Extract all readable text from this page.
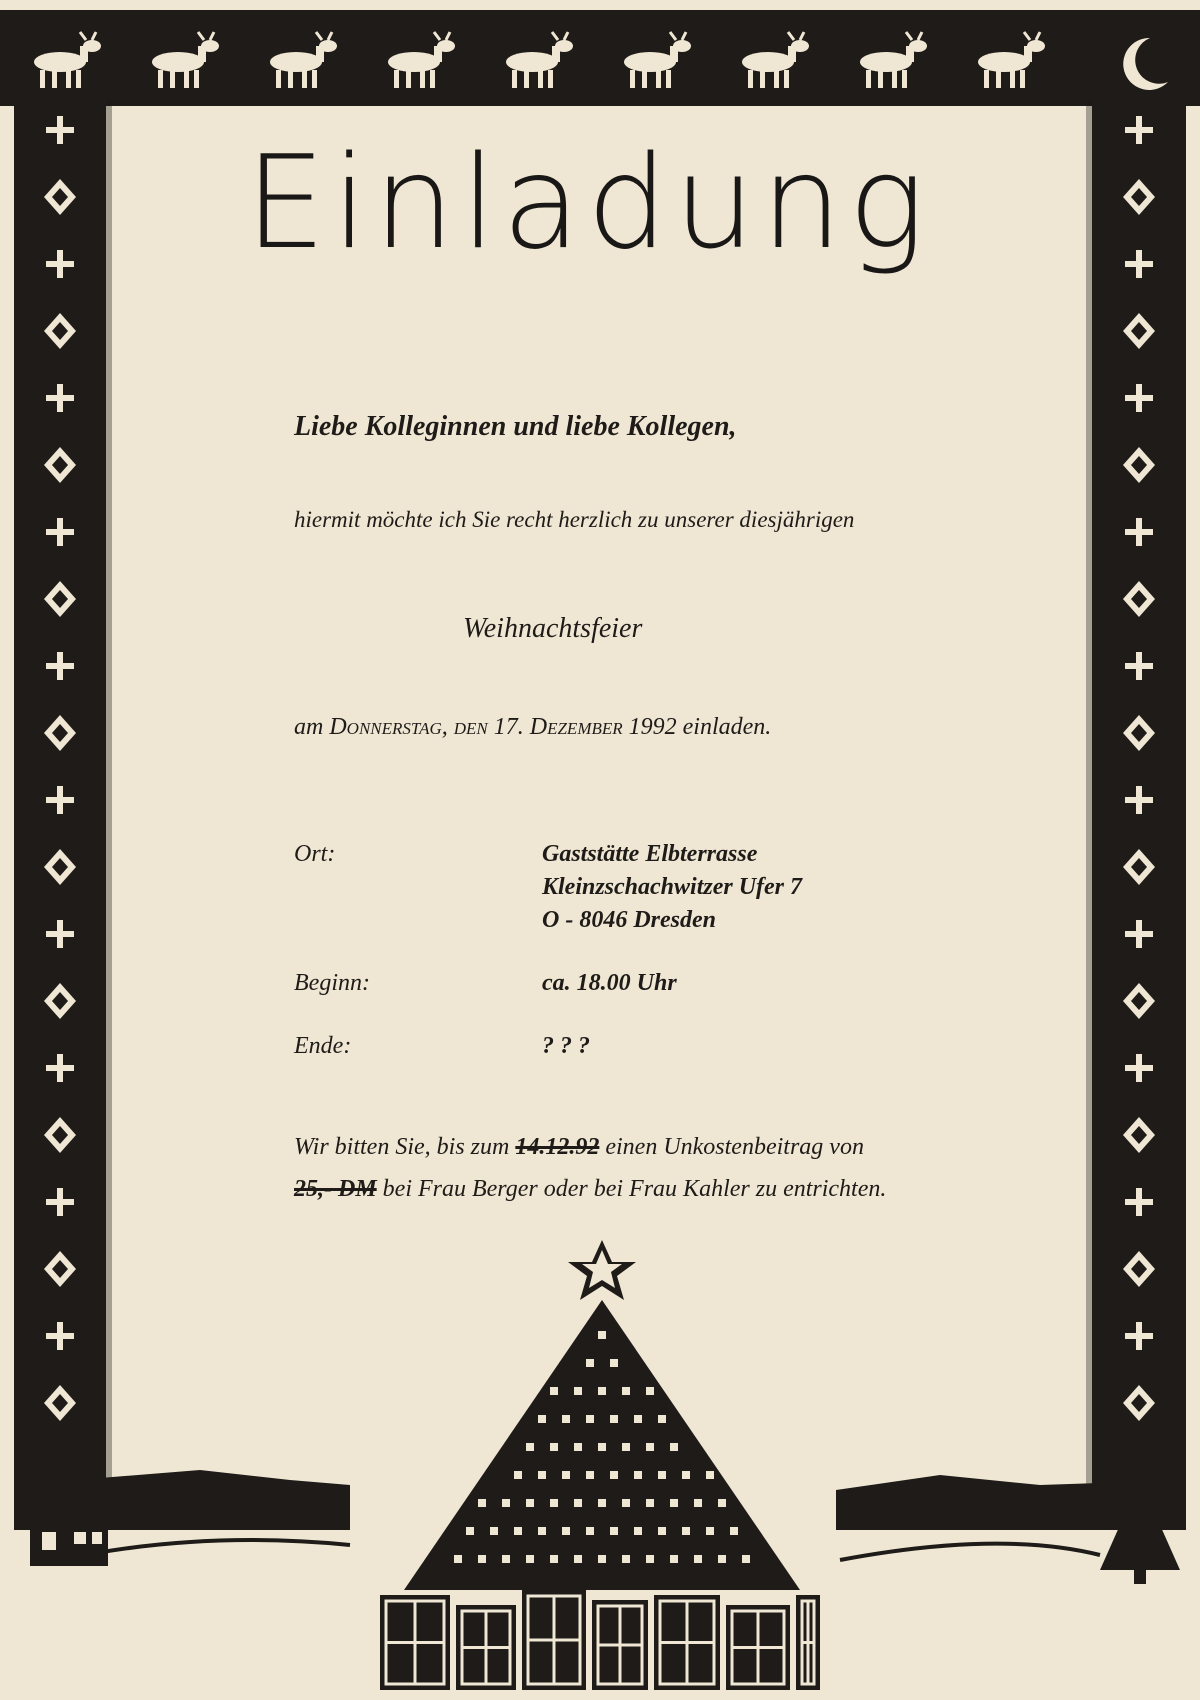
Einladung
Liebe Kolleginnen und liebe Kollegen,
hiermit möchte ich Sie recht herzlich zu unserer diesjährigen
Weihnachtsfeier
am Donnerstag, den 17. Dezember 1992 einladen.
Ort:	Gaststätte Elbterrasse
Kleinzschachwitzer Ufer 7
O - 8046 Dresden
Beginn:	ca. 18.00 Uhr
Ende:	? ? ?
Wir bitten Sie, bis zum 14.12.92 einen Unkostenbeitrag von
25,- DM bei Frau Berger oder bei Frau Kahler zu entrichten.
